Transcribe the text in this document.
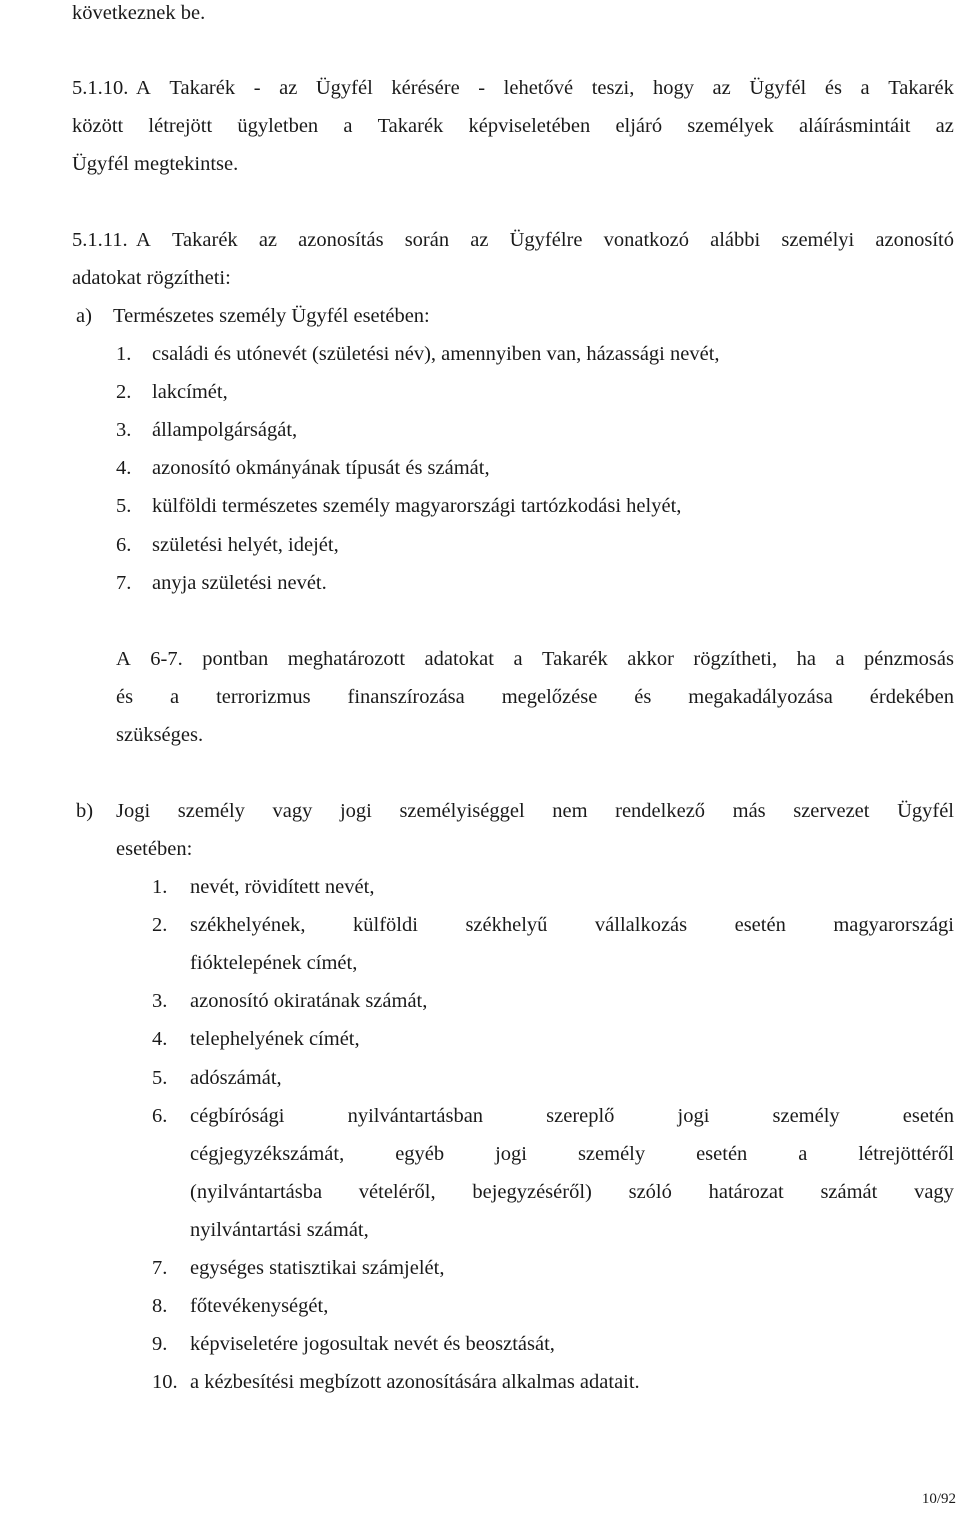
következnek be.
5.1.10. A Takarék - az Ügyfél kérésére - lehetővé teszi, hogy az Ügyfél és a Takarék
között létrejött ügyletben a Takarék képviseletében eljáró személyek aláírásmintáit az
Ügyfél megtekintse.
5.1.11. A Takarék az azonosítás során az Ügyfélre vonatkozó alábbi személyi azonosító
adatokat rögzítheti:
a) Természetes személy Ügyfél esetében:
1. családi és utónevét (születési név), amennyiben van, házassági nevét,
2. lakcímét,
3. állampolgárságát,
4. azonosító okmányának típusát és számát,
5. külföldi természetes személy magyarországi tartózkodási helyét,
6. születési helyét, idejét,
7. anyja születési nevét.
A 6-7. pontban meghatározott adatokat a Takarék akkor rögzítheti, ha a pénzmosás
és a terrorizmus finanszírozása megelőzése és megakadályozása érdekében
szükséges.
b) Jogi személy vagy jogi személyiséggel nem rendelkező más szervezet Ügyfél
esetében:
1. nevét, rövidített nevét,
2. székhelyének, külföldi székhelyű vállalkozás esetén magyarországi
fióktelepének címét,
3. azonosító okiratának számát,
4. telephelyének címét,
5. adószámát,
6. cégbírósági	nyilvántartásban	szereplő	jogi	személy	esetén
cégjegyzékszámát, egyéb jogi személy esetén a létrejöttéről
(nyilvántartásba vételéről, bejegyzéséről) szóló határozat számát vagy
nyilvántartási számát,
7. egységes statisztikai számjelét,
8. főtevékenységét,
9. képviseletére jogosultak nevét és beosztását,
10. a kézbesítési megbízott azonosítására alkalmas adatait.
10/92
